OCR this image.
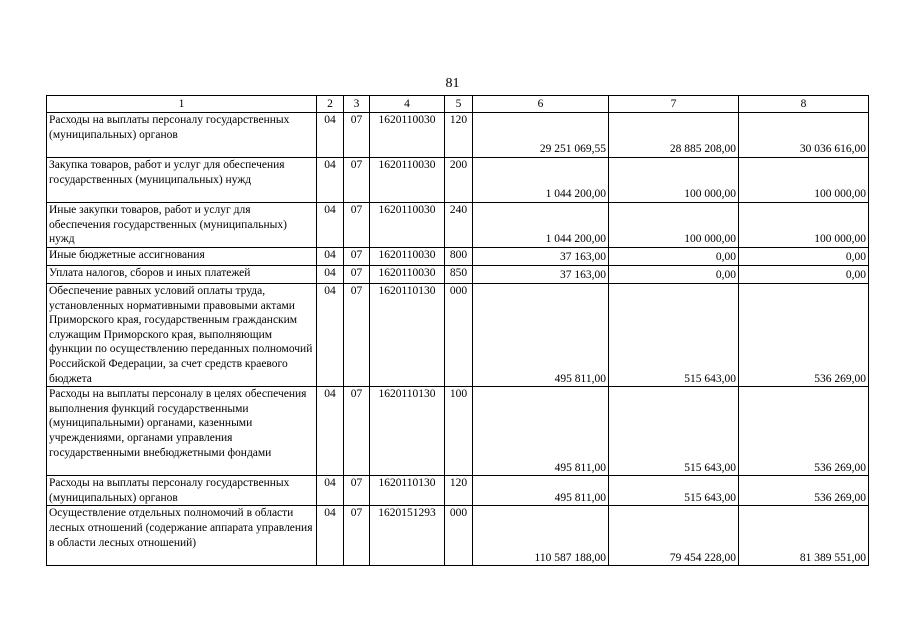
81
1	2	3	4	5	6	7	8
Расходы на выплаты персоналу государственных (муниципальных) органов	04	07	1620110030	120	29 251 069,55	28 885 208,00	30 036 616,00
Закупка товаров, работ и услуг для обеспечения государственных (муниципальных) нужд	04	07	1620110030	200	1 044 200,00	100 000,00	100 000,00
Иные закупки товаров, работ и услуг для обеспечения государственных (муниципальных) нужд	04	07	1620110030	240	1 044 200,00	100 000,00	100 000,00
Иные бюджетные ассигнования	04	07	1620110030	800	37 163,00	0,00	0,00
Уплата налогов, сборов и иных платежей	04	07	1620110030	850	37 163,00	0,00	0,00
Обеспечение равных условий оплаты труда, установленных нормативными правовыми актами Приморского края, государственным гражданским служащим Приморского края, выполняющим функции по осуществлению переданных полномочий Российской Федерации, за счет средств краевого бюджета	04	07	1620110130	000	495 811,00	515 643,00	536 269,00
Расходы на выплаты персоналу в целях обеспечения выполнения функций государственными (муниципальными) органами, казенными учреждениями, органами управления государственными внебюджетными фондами	04	07	1620110130	100	495 811,00	515 643,00	536 269,00
Расходы на выплаты персоналу государственных (муниципальных) органов	04	07	1620110130	120	495 811,00	515 643,00	536 269,00
Осуществление отдельных полномочий в области лесных отношений (содержание аппарата управления в области лесных отношений)	04	07	1620151293	000	110 587 188,00	79 454 228,00	81 389 551,00
